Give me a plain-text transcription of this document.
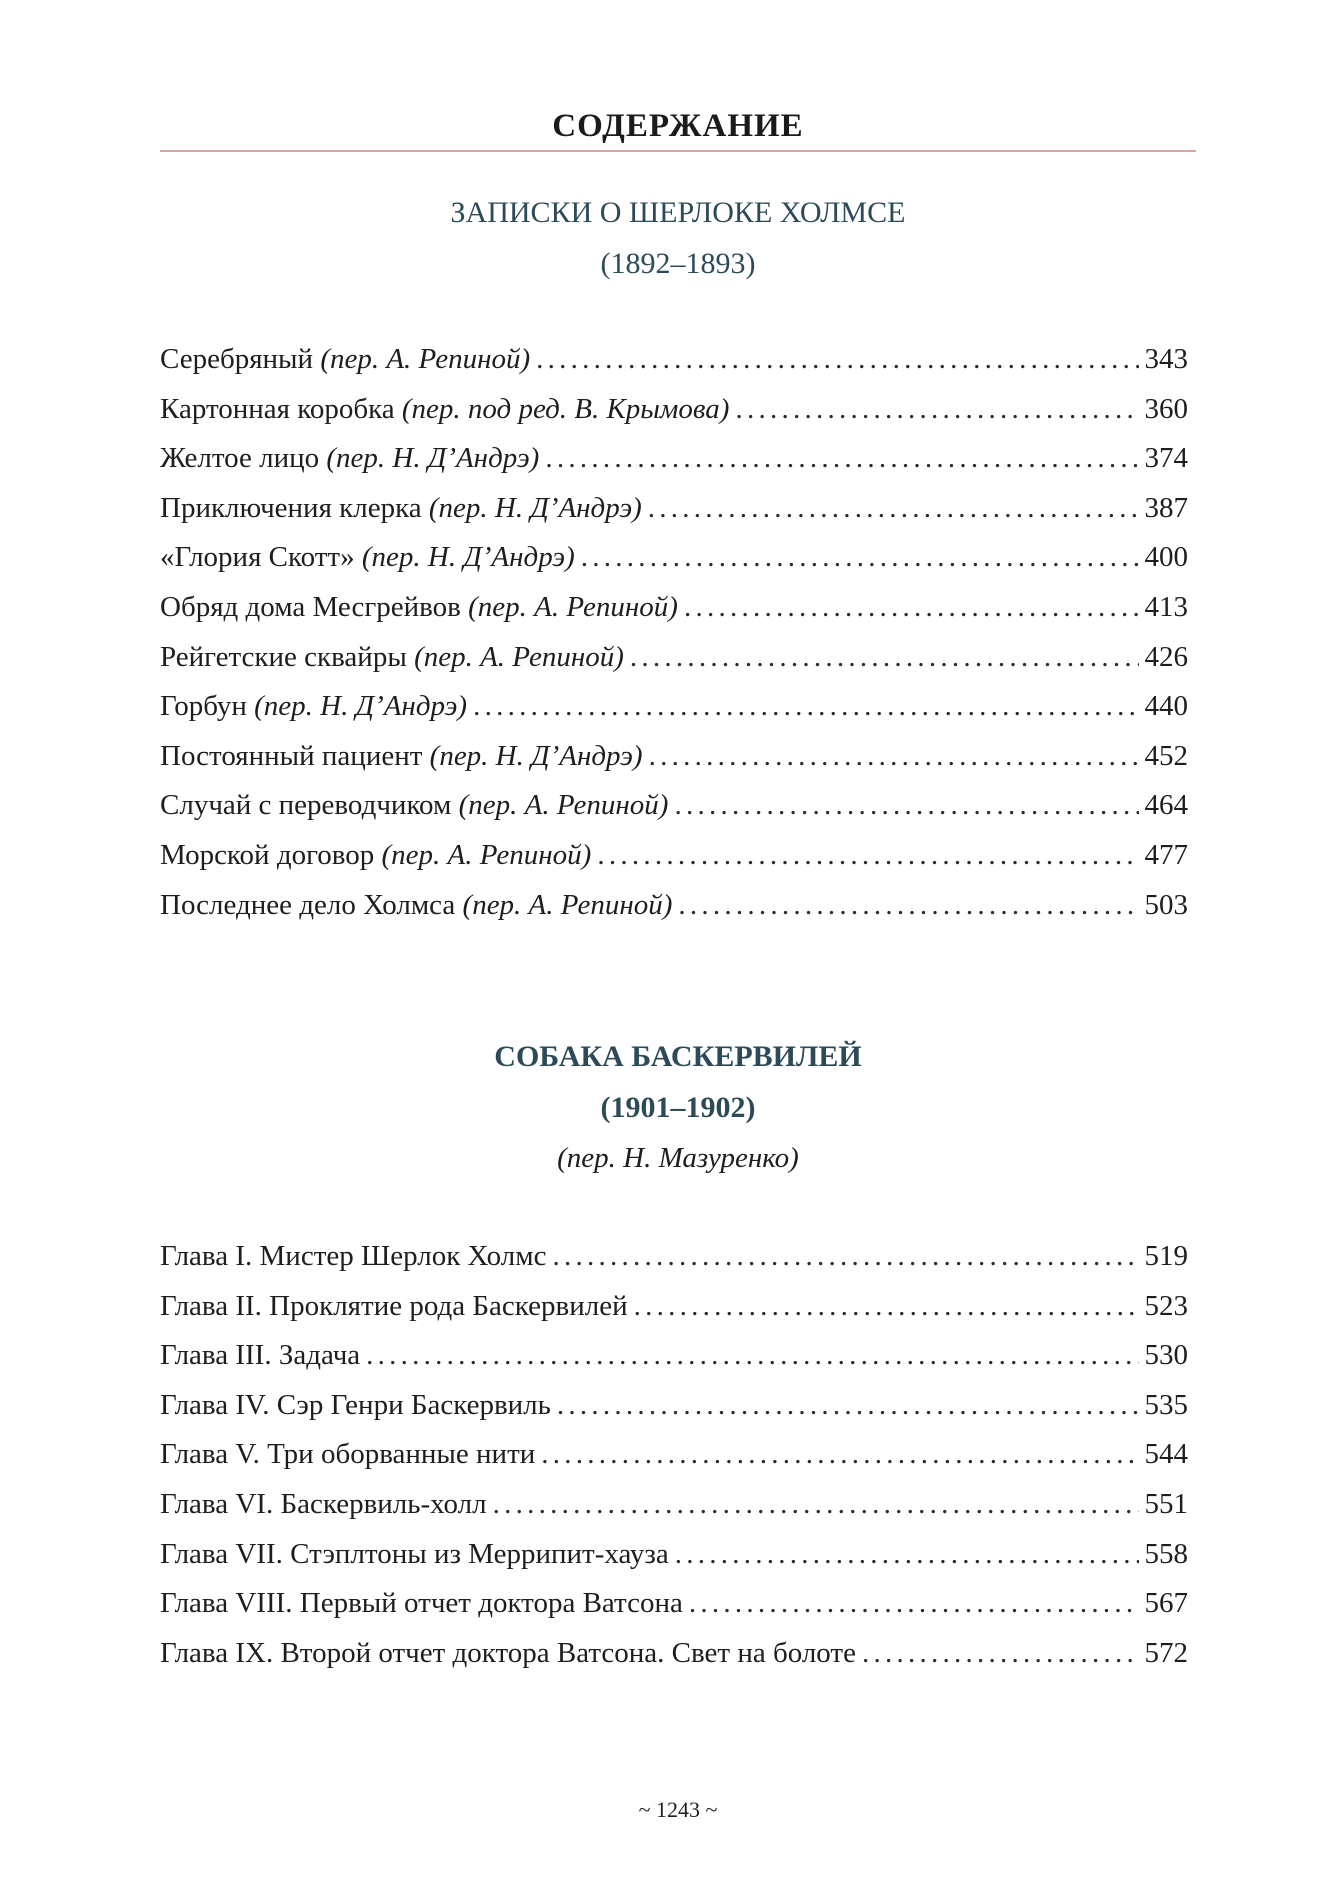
СОДЕРЖАНИЕ
ЗАПИСКИ О ШЕРЛОКЕ ХОЛМСЕ
(1892–1893)
Серебряный (пер. А. Репиной) . . .	343
Картонная коробка (пер. под ред. В. Крымова) . . .	360
Желтое лицо (пер. Н. Д’Андрэ) . . .	374
Приключения клерка (пер. Н. Д’Андрэ) . . .	387
«Глория Скотт» (пер. Н. Д’Андрэ) . . .	400
Обряд дома Месгрейвов (пер. А. Репиной) . . .	413
Рейгетские сквайры (пер. А. Репиной) . . .	426
Горбун (пер. Н. Д’Андрэ) . . .	440
Постоянный пациент (пер. Н. Д’Андрэ) . . .	452
Случай с переводчиком (пер. А. Репиной) . . .	464
Морской договор (пер. А. Репиной) . . .	477
Последнее дело Холмса (пер. А. Репиной) . . .	503
СОБАКА БАСКЕРВИЛЕЙ
(1901–1902)
(пер. Н. Мазуренко)
Глава I. Мистер Шерлок Холмс . . .	519
Глава II. Проклятие рода Баскервилей . . .	523
Глава III. Задача . . .	530
Глава IV. Сэр Генри Баскервиль . . .	535
Глава V. Три оборванные нити . . .	544
Глава VI. Баскервиль-холл . . .	551
Глава VII. Стэплтоны из Меррипит-хауза . . .	558
Глава VIII. Первый отчет доктора Ватсона . . .	567
Глава IX. Второй отчет доктора Ватсона. Свет на болоте . . .	572
~ 1243 ~
